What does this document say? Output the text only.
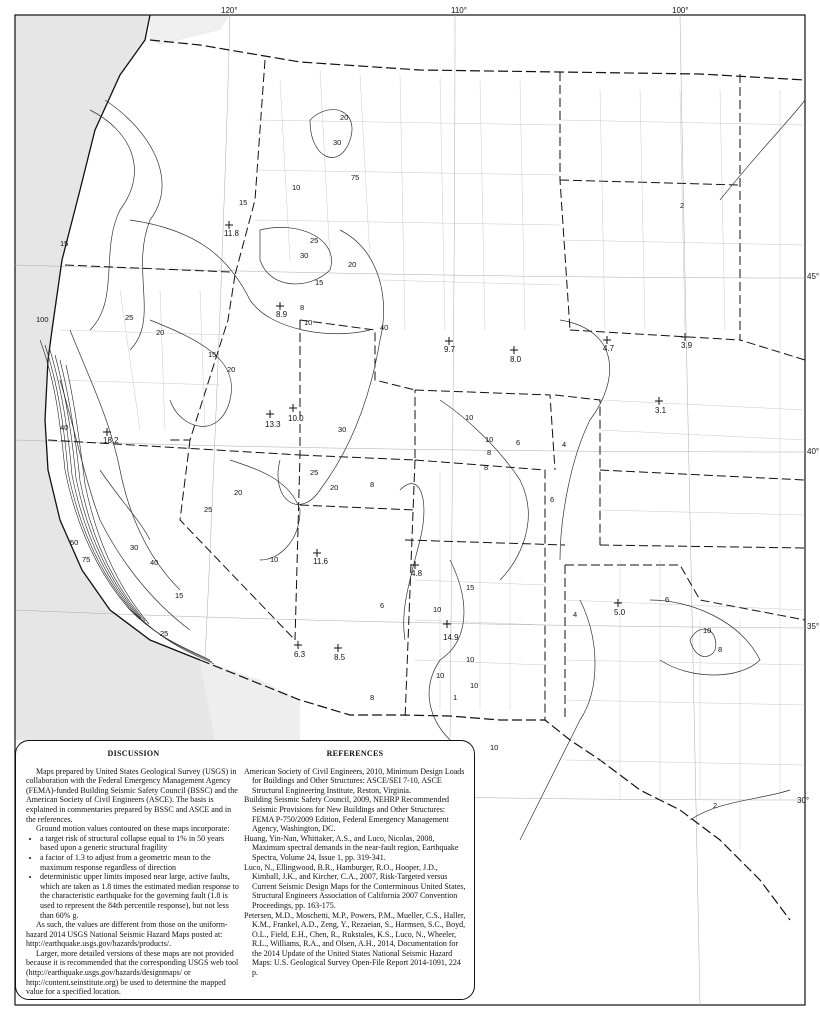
120°	110°	100°
45°
40°
35°
30°
11.8
8.9
18.2
13.3
10.0
9.7
8.0
4.7	3.9
3.1
11.6
4.8
5.0
6.3	8.5
14.9
20
30
75
10
15
25
30
15
20
15
40
100
20
25
15
20
10
8
30
25
20
20
25
8
10
10
8
6
8
6
4
10
6	10
15
10
10
10
1
8
4
6
10
8
2
2
10
40
50
30
40
15
25
75
DISCUSSION

Maps prepared by United States Geological Survey (USGS) in collaboration with the Federal Emergency Management Agency (FEMA)-funded Building Seismic Safety Council (BSSC) and the American Society of Civil Engineers (ASCE). The basis is explained in commentaries prepared by BSSC and ASCE and in the references.

Ground motion values contoured on these maps incorporate:

• a target risk of structural collapse equal to 1% in 50 years based upon a generic structural fragility
• a factor of 1.3 to adjust from a geometric mean to the maximum response regardless of direction
• deterministic upper limits imposed near large, active faults, which are taken as 1.8 times the estimated median response to the characteristic earthquake for the governing fault (1.8 is used to represent the 84th percentile response), but not less than 60% g.

As such, the values are different from those on the uniform-hazard 2014 USGS National Seismic Hazard Maps posted at: http://earthquake.usgs.gov/hazards/products/.

Larger, more detailed versions of these maps are not provided because it is recommended that the corresponding USGS web tool (http://earthquake.usgs.gov/hazards/designmaps/ or http://content.seinstitute.org) be used to determine the mapped value for a specified location.

REFERENCES

American Society of Civil Engineers, 2010, Minimum Design Loads for Buildings and Other Structures: ASCE/SEI 7-10, ASCE Structural Engineering Institute, Reston, Virginia.

Building Seismic Safety Council, 2009, NEHRP Recommended Seismic Provisions for New Buildings and Other Structures: FEMA P-750/2009 Edition, Federal Emergency Management Agency, Washington, DC.

Huang, Yin-Nan, Whittaker, A.S., and Luco, Nicolas, 2008, Maximum spectral demands in the near-fault region, Earthquake Spectra, Volume 24, Issue 1, pp. 319-341.

Luco, N., Ellingwood, B.R., Hamburger, R.O., Hooper, J.D., Kimball, J.K., and Kircher, C.A., 2007, Risk-Targeted versus Current Seismic Design Maps for the Conterminous United States, Structural Engineers Association of California 2007 Convention Proceedings, pp. 163-175.

Petersen, M.D., Moschetti, M.P., Powers, P.M., Mueller, C.S., Haller, K.M., Frankel, A.D., Zeng, Y., Rezaeian, S., Harmsen, S.C., Boyd, O.L., Field, E.H., Chen, R., Rukstales, K.S., Luco, N., Wheeler, R.L., Williams, R.A., and Olsen, A.H., 2014, Documentation for the 2014 Update of the United States National Seismic Hazard Maps: U.S. Geological Survey Open-File Report 2014-1091, 224 p.
